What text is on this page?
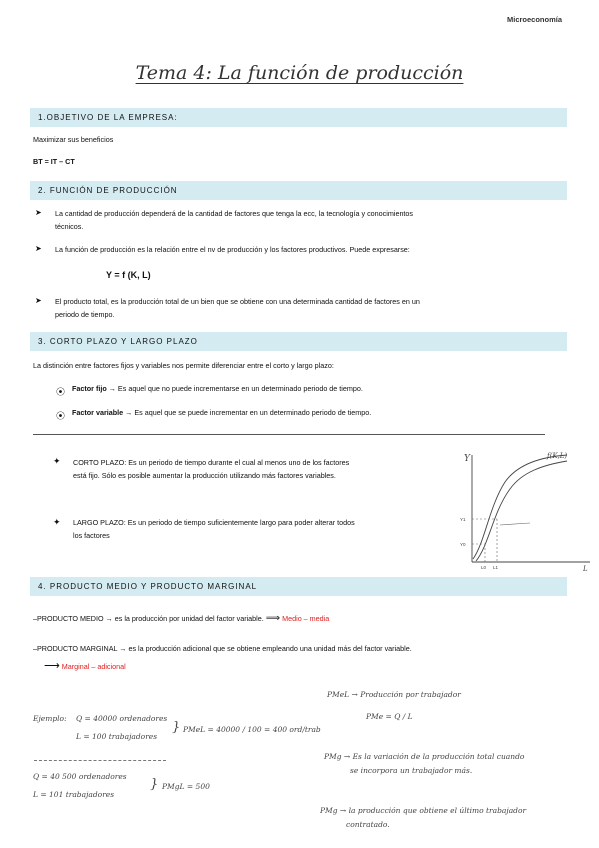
Microeconomía
Tema 4: La función de producción
1.OBJETIVO DE LA EMPRESA:
Maximizar sus beneficios
BT = IT – CT
2. FUNCIÓN DE PRODUCCIÓN
➤ La cantidad de producción dependerá de la cantidad de factores que tenga la ecc, la tecnología y conocimientos
técnicos.
➤ La función de producción es la relación entre el nv de producción y los factores productivos. Puede expresarse:
Y = f (K, L)
➤ El producto total, es la producción total de un bien que se obtiene con una determinada cantidad de factores en un
periodo de tiempo.
3. CORTO PLAZO Y LARGO PLAZO
La distinción entre factores fijos y variables nos permite diferenciar entre el corto y largo plazo:
⦿ Factor fijo → Es aquel que no puede incrementarse en un determinado periodo de tiempo.
⦿ Factor variable → Es aquel que se puede incrementar en un determinado periodo de tiempo.
✦ CORTO PLAZO: Es un periodo de tiempo durante el cual al menos uno de los factores
está fijo. Sólo es posible aumentar la producción utilizando más factores variables.
✦ LARGO PLAZO: Es un periodo de tiempo suficientemente largo para poder alterar todos
los factores
Y
L
f(K,L)
Y1
Y0
L0 L1
4. PRODUCTO MEDIO Y PRODUCTO MARGINAL
–PRODUCTO MEDIO → es la producción por unidad del factor variable. ⟹ Medio – media
–PRODUCTO MARGINAL → es la producción adicional que se obtiene empleando una unidad más del factor variable.
⟶ Marginal – adicional
Ejemplo: Q = 40000 ordenadores
L = 100 trabajadores
} PMeL = 40000 / 100 = 400 ord/trab
Q = 40 500 ordenadores
L = 101 trabajadores
} PMgL = 500
PMeL → Producción por trabajador
PMe = Q / L
PMg → Es la variación de la producción total cuando
se incorpora un trabajador más.
PMg → la producción que obtiene el último trabajador
contratado.
